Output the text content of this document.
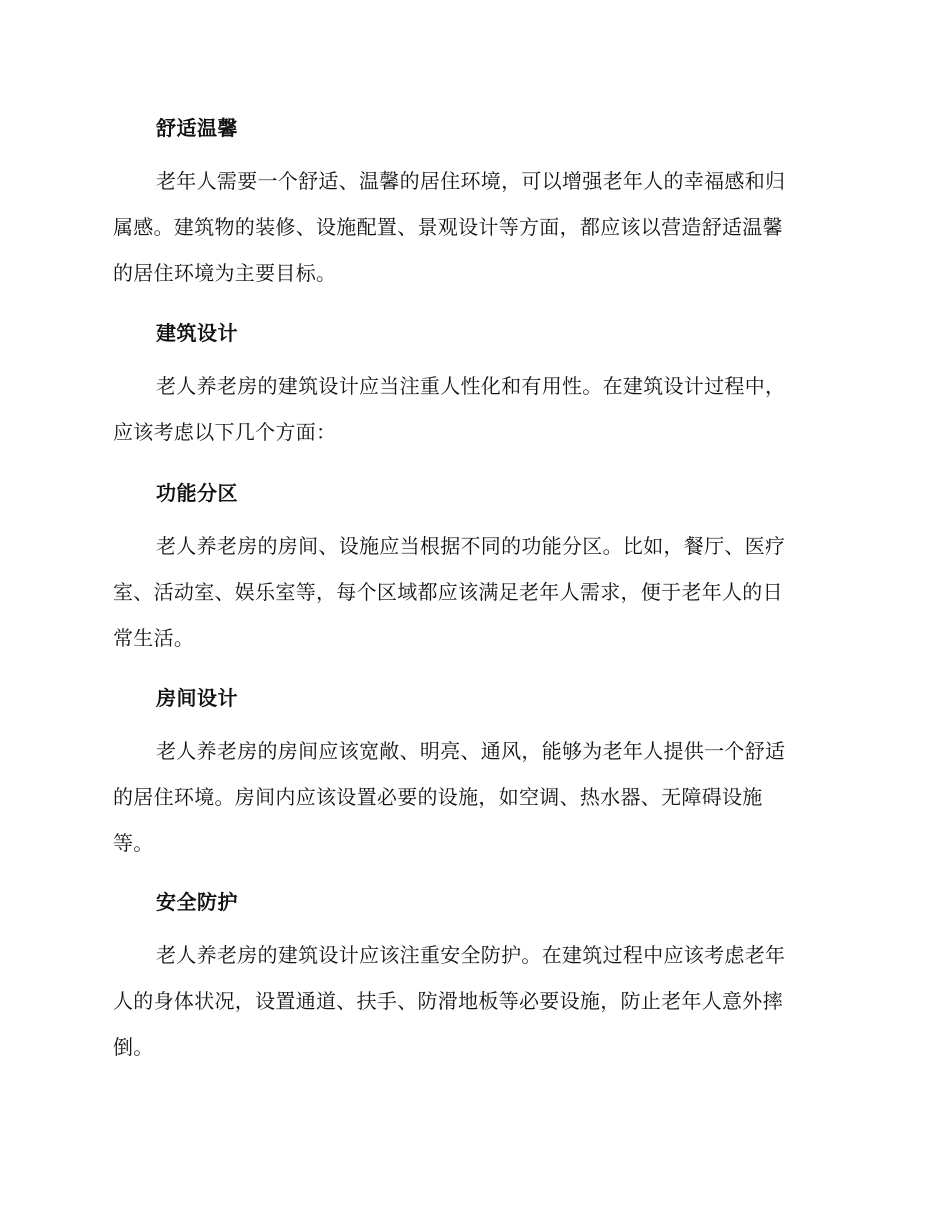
舒适温馨

老年人需要一个舒适、温馨的居住环境，可以增强老年人的幸福感和归
属感。建筑物的装修、设施配置、景观设计等方面，都应该以营造舒适温馨
的居住环境为主要目标。

建筑设计

老人养老房的建筑设计应当注重人性化和有用性。在建筑设计过程中，
应该考虑以下几个方面：

功能分区

老人养老房的房间、设施应当根据不同的功能分区。比如，餐厅、医疗
室、活动室、娱乐室等，每个区域都应该满足老年人需求，便于老年人的日
常生活。

房间设计

老人养老房的房间应该宽敞、明亮、通风，能够为老年人提供一个舒适
的居住环境。房间内应该设置必要的设施，如空调、热水器、无障碍设施
等。

安全防护

老人养老房的建筑设计应该注重安全防护。在建筑过程中应该考虑老年
人的身体状况，设置通道、扶手、防滑地板等必要设施，防止老年人意外摔
倒。
